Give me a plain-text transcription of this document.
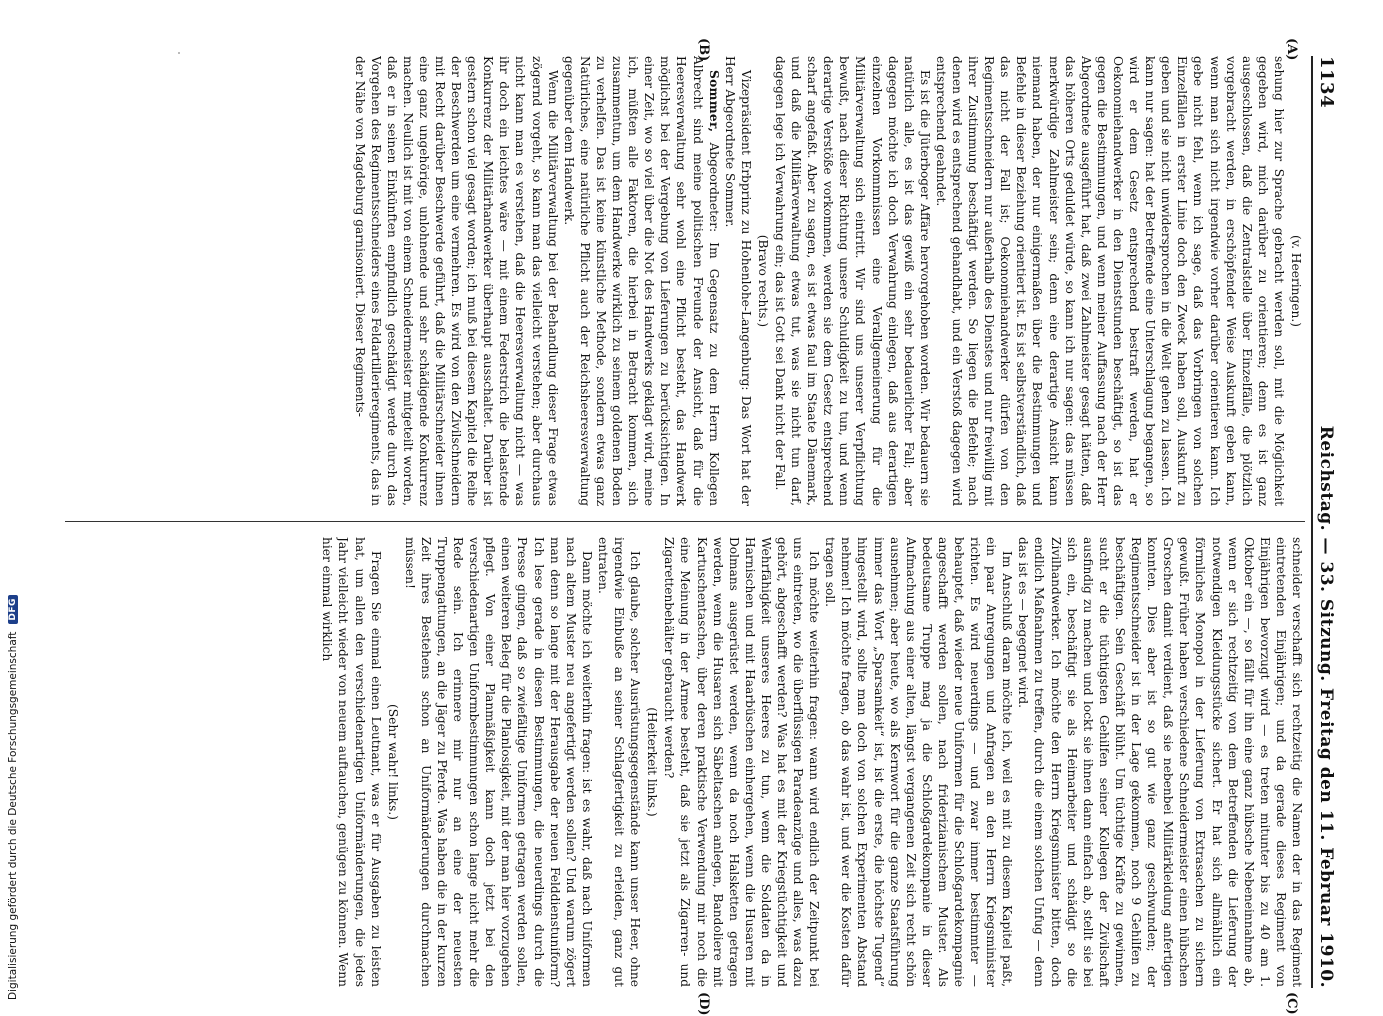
1134
Reichstag. — 33. Sitzung. Freitag den 11. Februar 1910.

(v. Heeringen.)

sehung hier zur Sprache gebracht werden soll, mit die Möglichkeit gegeben wird, mich darüber zu orientieren; denn es ist ganz ausgeschlossen, daß die Zentralstelle über Einzelfälle, die plötzlich vorgebracht werden, in erschöpfender Weise Auskunft geben kann, wenn man sich nicht irgendwie vorher darüber orientieren kann. Ich gebe nicht fehl, wenn ich sage, daß das Vorbringen von solchen Einzelfällen in erster Linie doch den Zweck haben soll, Auskunft zu geben und sie nicht unwidersprochen in die Welt gehen zu lassen. Ich kann nur sagen: hat der Betreffende eine Unterschlagung begangen, so wird er dem Gesetz entsprechend bestraft werden, hat er Oekonomiehandwerker in den Dienststunden beschäftigt, so ist das gegen die Bestimmungen, und wenn meiner Auffassung nach der Herr Abgeordnete ausgeführt hat, daß zwei Zahlmeister gesagt hätten, daß das höheren Orts geduldet würde, so kann ich nur sagen: das müssen merkwürdige Zahlmeister sein; denn eine derartige Ansicht kann niemand haben, der nur einigermaßen über die Bestimmungen und Befehle in dieser Beziehung orientiert ist. Es ist selbstverständlich, daß das nicht der Fall ist; Oekonomiehandwerker dürfen von den Regimentsschneidern nur außerhalb des Dienstes und nur freiwillig mit ihrer Zustimmung beschäftigt werden. So liegen die Befehle; nach denen wird es entsprechend gehandhabt, und ein Verstoß dagegen wird entsprechend geahndet.

Es ist die Jüterboger Affäre hervorgehoben worden. Wir bedauern sie natürlich alle, es ist das gewiß ein sehr bedauerlicher Fall; aber dagegen möchte ich doch Verwahrung einlegen, daß aus derartigen einzelnen Vorkommnissen eine Verallgemeinerung für die Militärverwaltung sich eintritt. Wir sind uns unserer Verpflichtung bewußt, nach dieser Richtung unsere Schuldigkeit zu tun, und wenn derartige Verstöße vorkommen, werden sie dem Gesetz entsprechend scharf angefaßt. Aber zu sagen, es ist etwas faul im Staate Dänemark, und daß die Militärverwaltung etwas tut, was sie nicht tun darf, dagegen lege ich Verwahrung ein; das ist Gott sei Dank nicht der Fall.

(Bravo rechts.)

Vizepräsident Erbprinz zu Hohenlohe-Langenburg: Das Wort hat der Herr Abgeordnete Sommer.

Sommer, Abgeordneter: Im Gegensatz zu dem Herrn Kollegen Albrecht sind meine politischen Freunde der Ansicht, daß für die Heeresverwaltung sehr wohl eine Pflicht besteht, das Handwerk möglichst bei der Vergebung von Lieferungen zu berücksichtigen. In einer Zeit, wo so viel über die Not des Handwerks geklagt wird, meine ich, müßten alle Faktoren, die hierbei in Betracht kommen, sich zusammentun, um dem Handwerke wirklich zu seinem goldenen Boden zu verhelfen. Das ist keine künstliche Methode, sondern etwas ganz Natürliches, eine natürliche Pflicht auch der Reichsheeresverwaltung gegenüber dem Handwerk.

Wenn die Militärverwaltung bei der Behandlung dieser Frage etwas zögernd vorgeht, so kann man das vielleicht verstehen; aber durchaus nicht kann man es verstehen, daß die Heeresverwaltung nicht — was ihr doch ein leichtes wäre — mit einem Federstrich die belastende Konkurrenz der Militärhandwerker überhaupt ausschaltet. Darüber ist gestern schon viel gesagt worden; ich muß bei diesem Kapitel die Reihe der Beschwerden um eine vermehren. Es wird von den Zivilschneidern mit Recht darüber Beschwerde geführt, daß die Militärschneider ihnen eine ganz ungehörige, unlohnende und sehr schädigende Konkurrenz machen. Neulich ist mit von einem Schneidermeister mitgeteilt worden, daß er in seinen Einkünften empfindlich geschädigt werde durch das Vorgehen des Regimentsschneiders eines Feldartillerieregiments, das in der Nähe von Magdeburg garnisoniert. Dieser Regiments-

schneider verschafft sich rechtzeitig die Namen der in das Regiment eintretenden Einjährigen; und da gerade dieses Regiment von Einjährigen bevorzugt wird — es treten mitunter bis zu 40 am 1. Oktober ein —, so fällt für ihn eine ganz hübsche Nebeneinnahme ab, wenn er sich rechtzeitig von dem Betreffenden die Lieferung der notwendigen Kleidungsstücke sichert. Er hat sich allmählich ein förmliches Monopol in der Lieferung von Extrasachen zu sichern gewußt. Früher haben verschiedene Schneidermeister einen hübschen Groschen damit verdient, daß sie nebenbei Militärkleidung anfertigen konnten. Dies aber ist so gut wie ganz geschwunden; der Regimentsschneider ist in der Lage gekommen, noch 9 Gehilfen zu beschäftigen. Sein Geschäft blüht. Um tüchtige Kräfte zu gewinnen, sucht er die tüchtigsten Gehilfen seiner Kollegen der Zivilschaft ausfindig zu machen und lockt sie ihnen dann einfach ab, stellt sie bei sich ein, beschäftigt sie als Heimarbeiter und schädigt so die Zivilhandwerker. Ich möchte den Herrn Kriegsminister bitten, doch endlich Maßnahmen zu treffen, durch die einem solchen Unfug — denn das ist es — begegnet wird.

Im Anschluß daran möchte ich, weil es mit zu diesem Kapitel paßt, ein paar Anregungen und Anfragen an den Herrn Kriegsminister richten. Es wird neuerdings — und zwar immer bestimmter — behauptet, daß wieder neue Uniformen für die Schloßgardekompagnie angeschafft werden sollen, nach friderizianischem Muster. Als bedeutsame Truppe mag ja die Schloßgardekompanie in dieser Aufmachung aus einer alten, längst vergangenen Zeit sich recht schön ausnehmen; aber heute, wo als Kernwort für die ganze Staatsführung immer das Wort „Sparsamkeit“ ist, ist die erste, die höchste Tugend“ hingestellt wird, sollte man doch von solchen Experimenten Abstand nehmen! Ich möchte fragen, ob das wahr ist, und wer die Kosten dafür tragen soll.

Ich möchte weiterhin fragen: wann wird endlich der Zeitpunkt bei uns eintreten, wo die überflüssigen Paradeanzüge und alles, was dazu gehört, abgeschafft werden? Was hat es mit der Kriegstüchtigkeit und Wehrfähigkeit unseres Heeres zu tun, wenn die Soldaten da in Harnischen und mit Haarbüschen einhergehen, wenn die Husaren mit Dolmans ausgerüstet werden, wenn da noch Halsketten getragen werden, wenn die Husaren sich Säbeltaschen anlegen, Bandoliere mit Kartuschentaschen, über deren praktische Verwendung mir noch die eine Meinung in der Armee besteht, daß sie jetzt als Zigarren- und Zigarettenbehälter gebraucht werden?

(Heiterkeit links.)

Ich glaube, solcher Ausrüstungsgegenstände kann unser Heer, ohne irgendwie Einbuße an seiner Schlagfertigkeit zu erleiden, ganz gut entraten.

Dann möchte ich weiterhin fragen: ist es wahr, daß nach Uniformen nach altem Muster neu angefertigt werden sollen? Und warum zögert man denn so lange mit der Herausgabe der neuen Felddienstuniform? Ich lese gerade in diesen Bestimmungen, die neuerdings durch die Presse gingen, daß so zwiefältige Uniformen getragen werden sollen, einen weiteren Beleg für die Planlosigkeit, mit der man hier vorzugehen pflegt. Von einer Planmäßigkeit kann doch jetzt bei den verschiedenartigen Uniformbestimmungen schon lange nicht mehr die Rede sein. Ich erinnere mir nur an eine der neuesten Truppengattungen, an die Jäger zu Pferde. Was haben die in der kurzen Zeit ihres Bestehens schon an Uniformänderungen durchmachen müssen!

(Sehr wahr! links.)

Fragen Sie einmal einen Leutnant, was er für Ausgaben zu leisten hat, um allen den verschiedenartigen Uniformänderungen, die jedes Jahr vielleicht wieder von neuem auftauchen, genügen zu können. Wenn hier einmal wirklich

(A)
(B)
(C)
(D)
Digitalisierung gefördert durch die Deutsche Forschungsgemeinschaft
DFG
